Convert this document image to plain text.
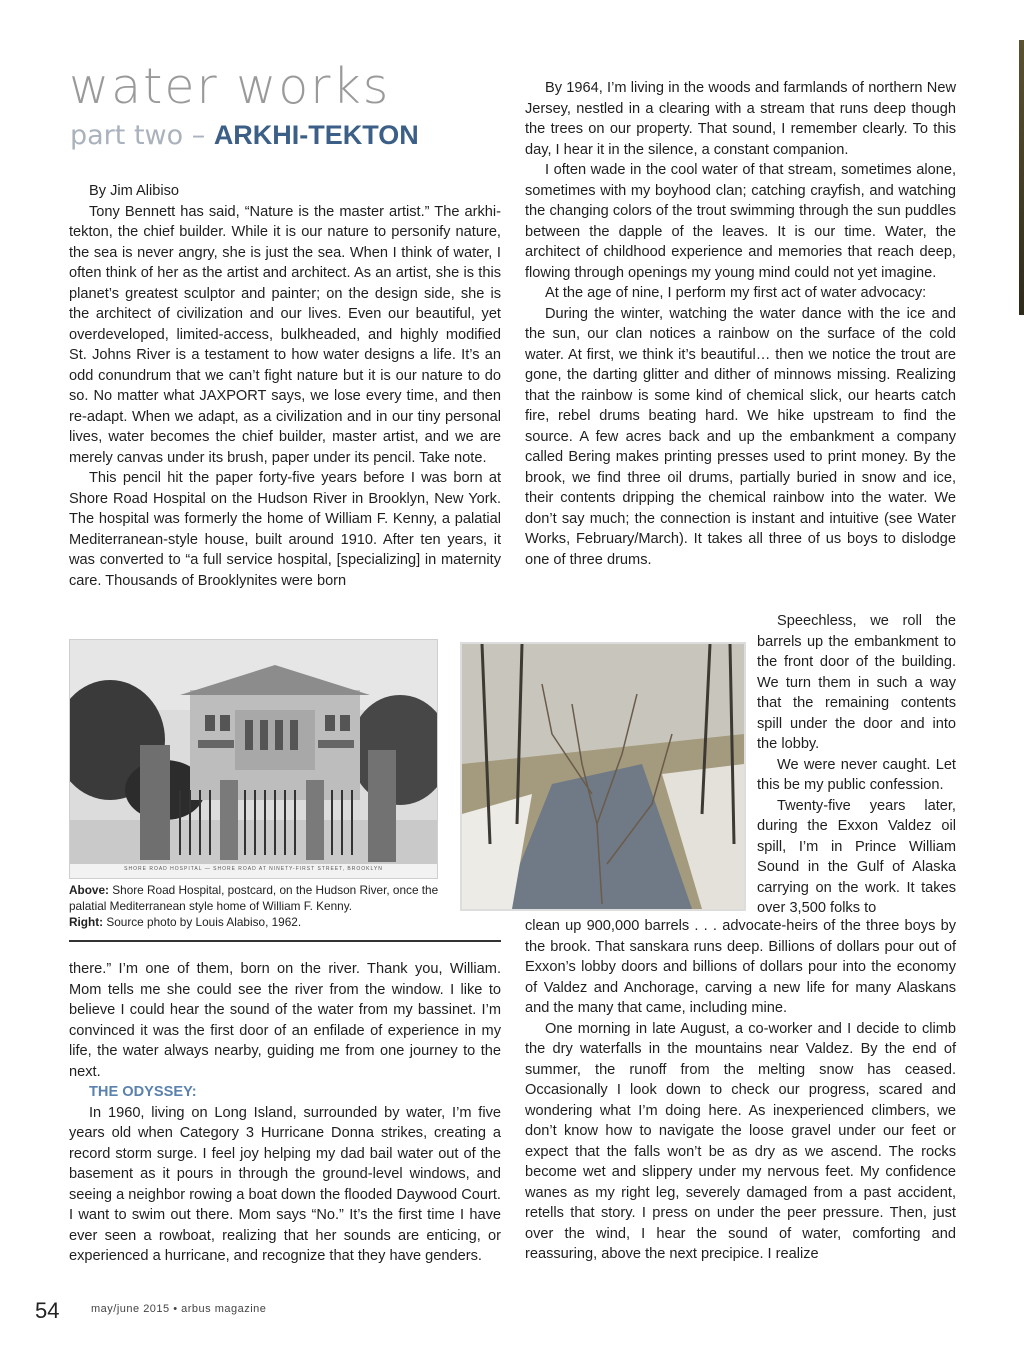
water works
part two – ARKHI-TEKTON

By Jim Alibiso

Tony Bennett has said, “Nature is the master artist.” The arkhi-tekton, the chief builder. While it is our nature to personify nature, the sea is never angry, she is just the sea. When I think of water, I often think of her as the artist and architect. As an artist, she is this planet’s greatest sculptor and painter; on the design side, she is the architect of civilization and our lives. Even our beautiful, yet overdeveloped, limited-access, bulkheaded, and highly modified St. Johns River is a testament to how water designs a life. It’s an odd conundrum that we can’t fight nature but it is our nature to do so. No matter what JAXPORT says, we lose every time, and then re-adapt. When we adapt, as a civilization and in our tiny personal lives, water becomes the chief builder, master artist, and we are merely canvas under its brush, paper under its pencil. Take note.

This pencil hit the paper forty-five years before I was born at Shore Road Hospital on the Hudson River in Brooklyn, New York. The hospital was formerly the home of William F. Kenny, a palatial Mediterranean-style house, built around 1910. After ten years, it was converted to “a full service hospital, [specializing] in maternity care. Thousands of Brooklynites were born

SHORE ROAD HOSPITAL — SHORE ROAD AT NINETY-FIRST STREET, BROOKLYN
Above: Shore Road Hospital, postcard, on the Hudson River, once the palatial Mediterranean style home of William F. Kenny.
Right: Source photo by Louis Alabiso, 1962.

there.” I’m one of them, born on the river. Thank you, William. Mom tells me she could see the river from the window. I like to believe I could hear the sound of the water from my bassinet. I’m convinced it was the first door of an enfilade of experience in my life, the water always nearby, guiding me from one journey to the next.

THE ODYSSEY:

In 1960, living on Long Island, surrounded by water, I’m five years old when Category 3 Hurricane Donna strikes, creating a record storm surge. I feel joy helping my dad bail water out of the basement as it pours in through the ground-level windows, and seeing a neighbor rowing a boat down the flooded Daywood Court. I want to swim out there. Mom says “No.” It’s the first time I have ever seen a rowboat, realizing that her sounds are enticing, or experienced a hurricane, and recognize that they have genders.

By 1964, I’m living in the woods and farmlands of northern New Jersey, nestled in a clearing with a stream that runs deep though the trees on our property. That sound, I remember clearly. To this day, I hear it in the silence, a constant companion.

I often wade in the cool water of that stream, sometimes alone, sometimes with my boyhood clan; catching crayfish, and watching the changing colors of the trout swimming through the sun puddles between the dapple of the leaves. It is our time. Water, the architect of childhood experience and memories that reach deep, flowing through openings my young mind could not yet imagine.

At the age of nine, I perform my first act of water advocacy:

During the winter, watching the water dance with the ice and the sun, our clan notices a rainbow on the surface of the cold water. At first, we think it’s beautiful… then we notice the trout are gone, the darting glitter and dither of minnows missing. Realizing that the rainbow is some kind of chemical slick, our hearts catch fire, rebel drums beating hard. We hike upstream to find the source. A few acres back and up the embankment a company called Bering makes printing presses used to print money. By the brook, we find three oil drums, partially buried in snow and ice, their contents dripping the chemical rainbow into the water. We don’t say much; the connection is instant and intuitive (see Water Works, February/March). It takes all three of us boys to dislodge one of three drums.

Speechless, we roll the barrels up the embankment to the front door of the building. We turn them in such a way that the remaining contents spill under the door and into the lobby.

We were never caught. Let this be my public confession.

Twenty-five years later, during the Exxon Valdez oil spill, I’m in Prince William Sound in the Gulf of Alaska carrying on the work. It takes over 3,500 folks to

clean up 900,000 barrels . . . advocate-heirs of the three boys by the brook. That sanskara runs deep. Billions of dollars pour out of Exxon’s lobby doors and billions of dollars pour into the economy of Valdez and Anchorage, carving a new life for many Alaskans and the many that came, including mine.

One morning in late August, a co-worker and I decide to climb the dry waterfalls in the mountains near Valdez. By the end of summer, the runoff from the melting snow has ceased. Occasionally I look down to check our progress, scared and wondering what I’m doing here. As inexperienced climbers, we don’t know how to navigate the loose gravel under our feet or expect that the falls won’t be as dry as we ascend. The rocks become wet and slippery under my nervous feet. My confidence wanes as my right leg, severely damaged from a past accident, retells that story. I press on under the peer pressure. Then, just over the wind, I hear the sound of water, comforting and reassuring, above the next precipice. I realize

54	may/june 2015 • arbus magazine
